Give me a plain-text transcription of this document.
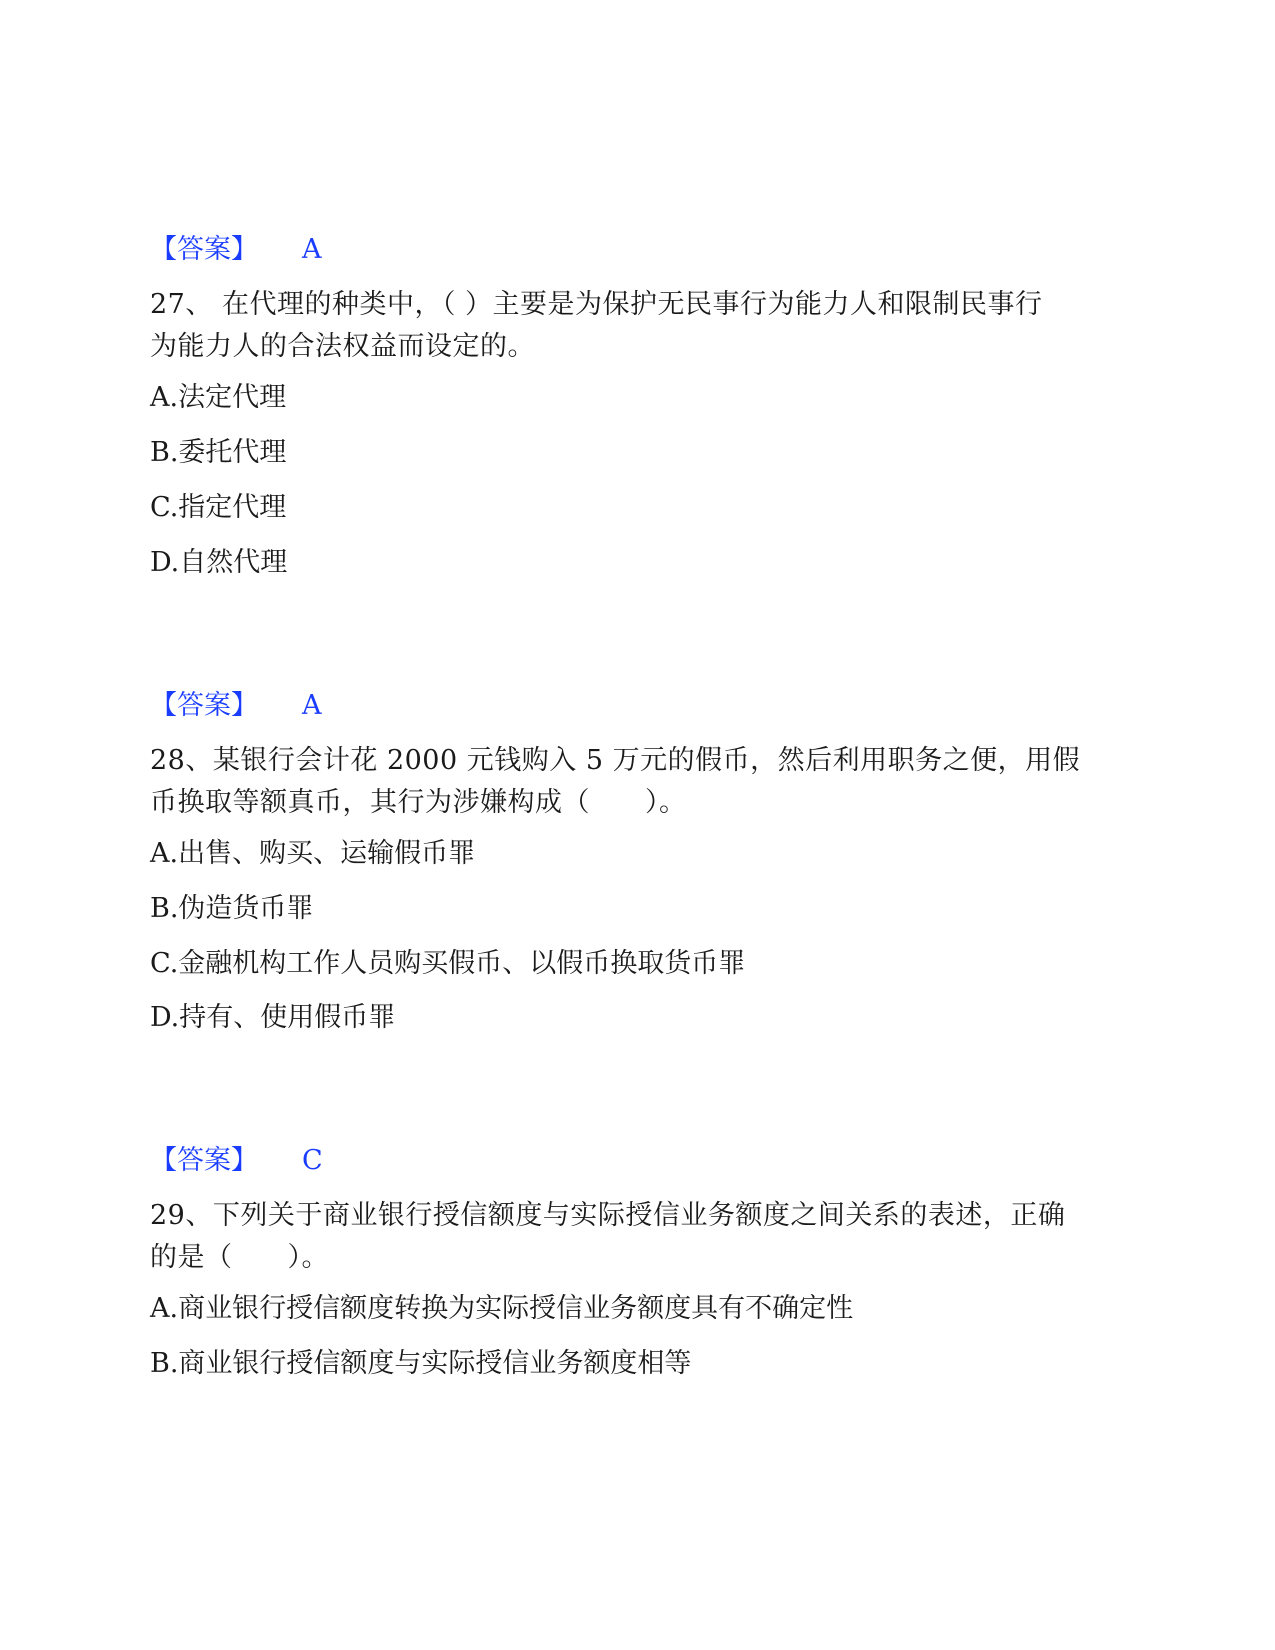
【答案】 A
27、 在代理的种类中，（ ）主要是为保护无民事行为能力人和限制民事行
为能力人的合法权益而设定的。
A.法定代理
B.委托代理
C.指定代理
D.自然代理
【答案】 A
28、某银行会计花 2000 元钱购入 5 万元的假币，然后利用职务之便，用假
币换取等额真币，其行为涉嫌构成（　　）。
A.出售、购买、运输假币罪
B.伪造货币罪
C.金融机构工作人员购买假币、以假币换取货币罪
D.持有、使用假币罪
【答案】 C
29、下列关于商业银行授信额度与实际授信业务额度之间关系的表述，正确
的是（　　）。
A.商业银行授信额度转换为实际授信业务额度具有不确定性
B.商业银行授信额度与实际授信业务额度相等
